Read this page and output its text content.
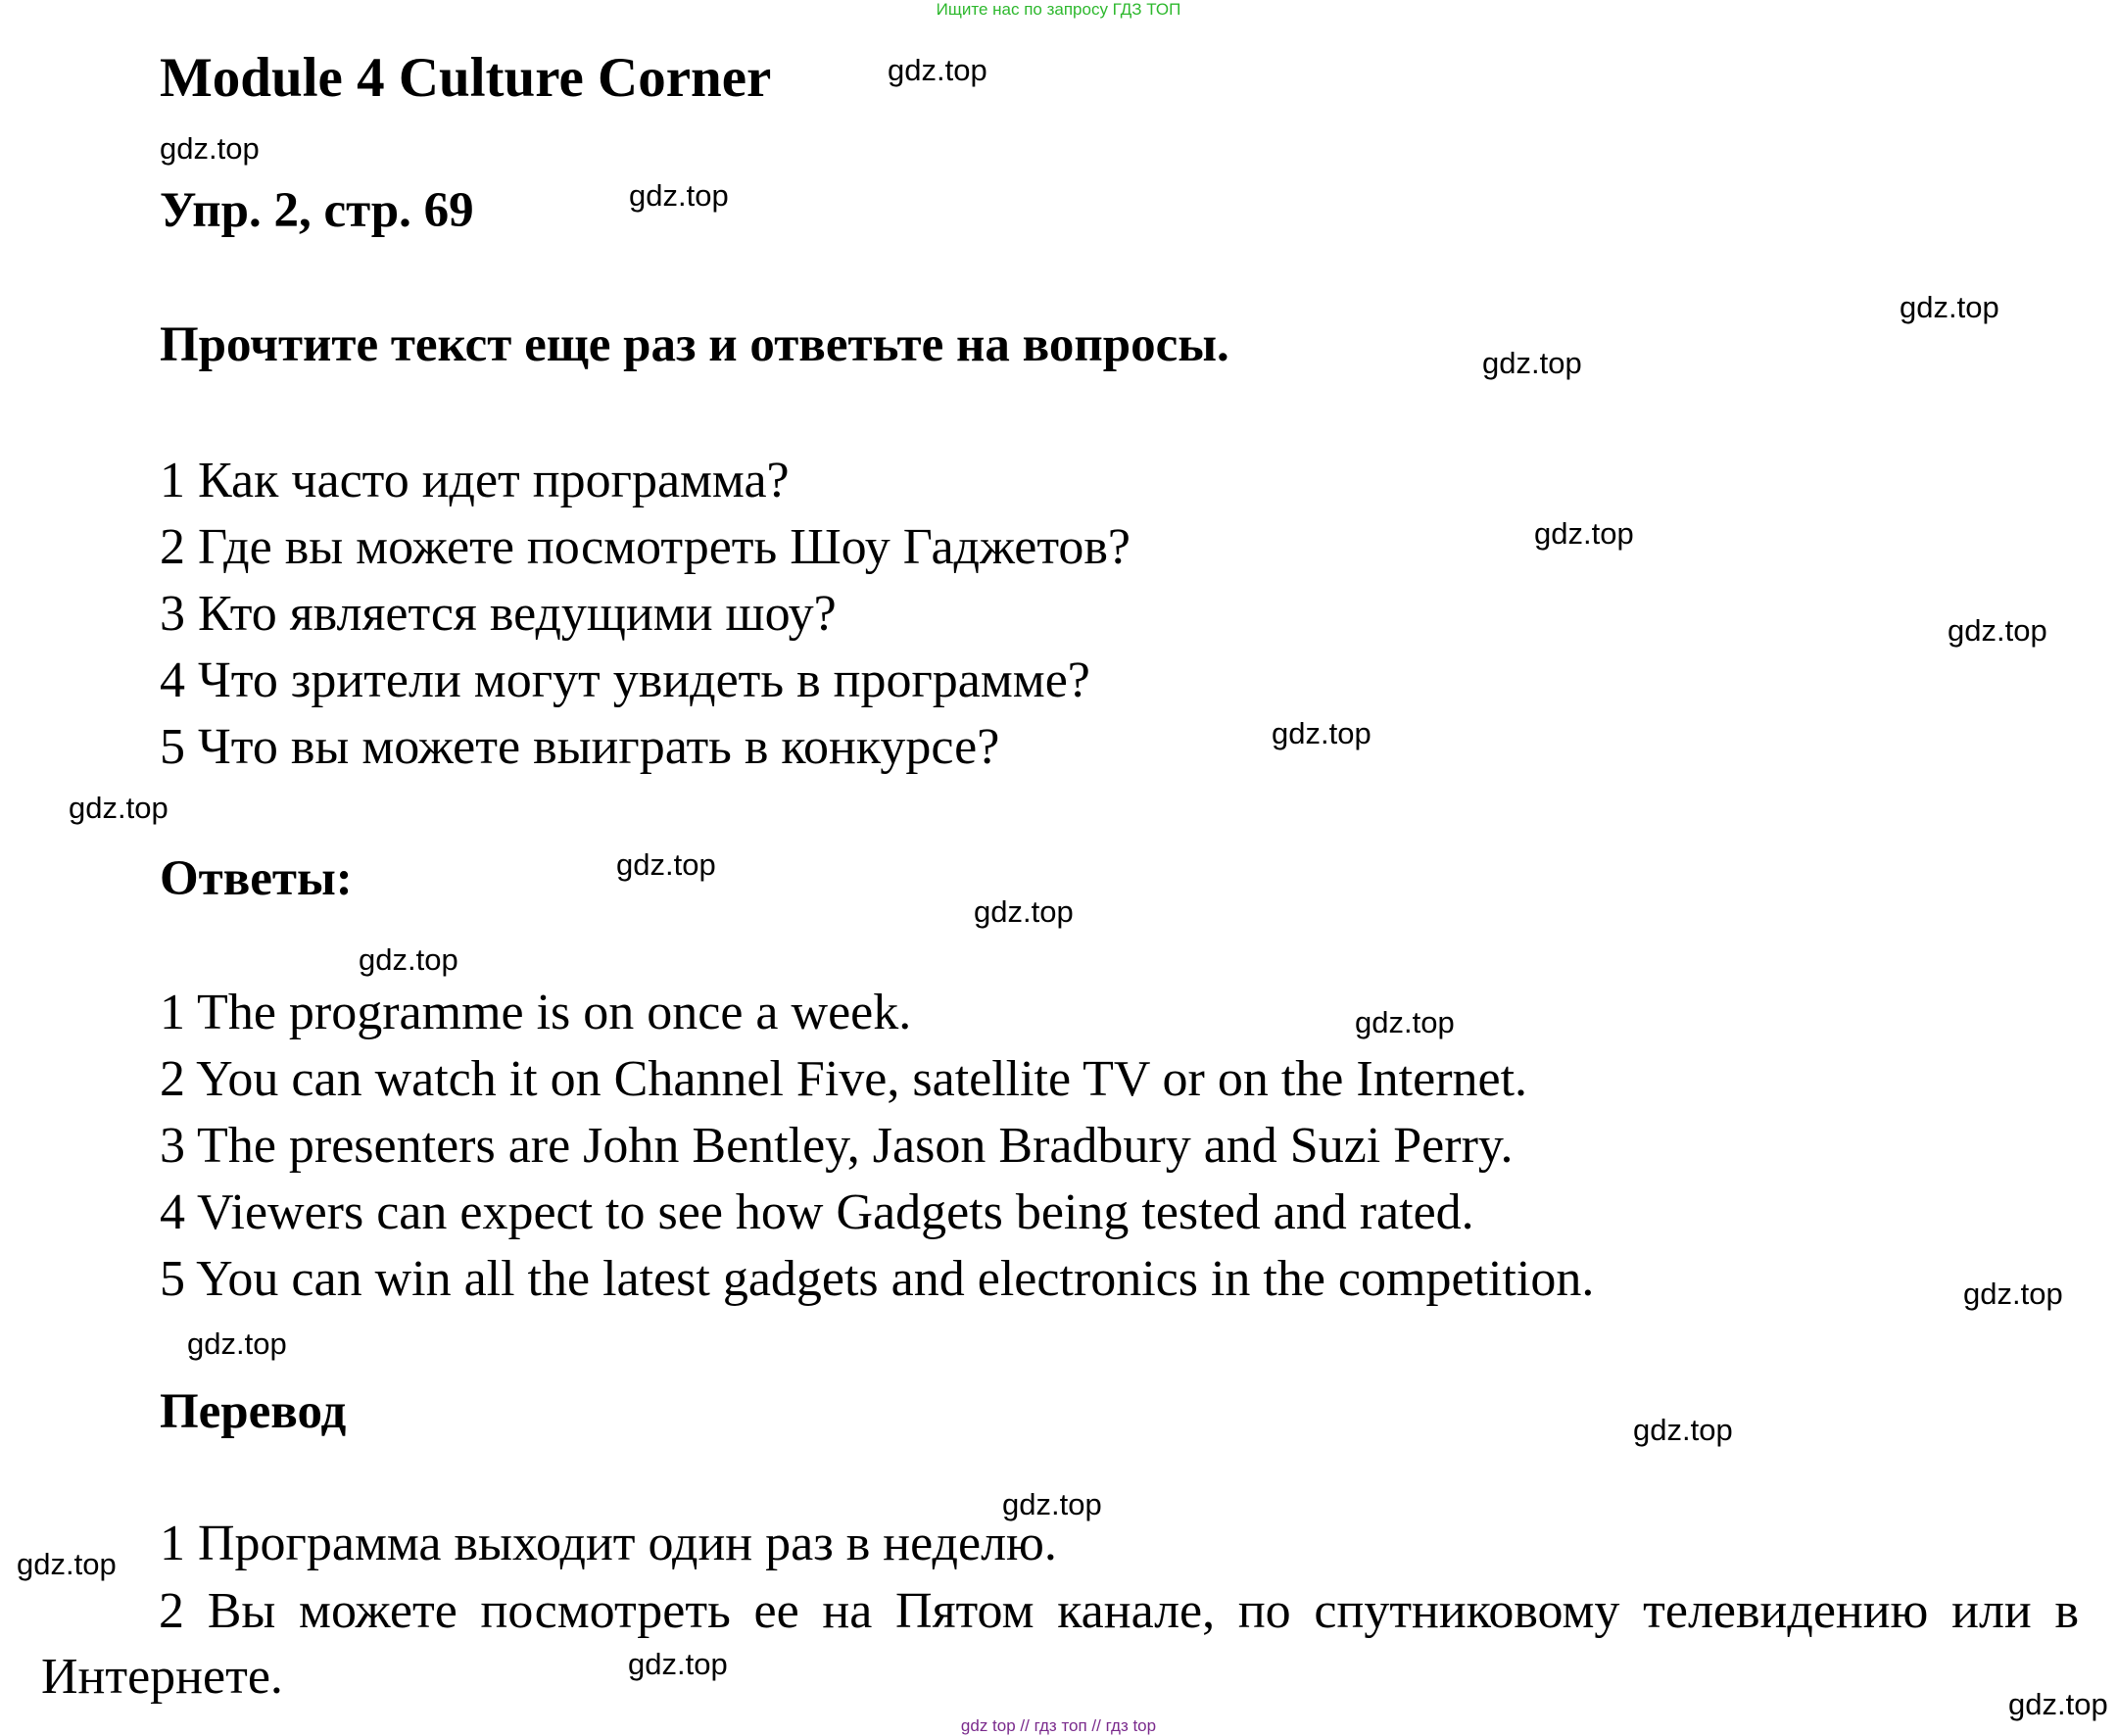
Ищите нас по запросу ГДЗ ТОП
Module 4 Culture Corner
Упр. 2, стр. 69
Прочтите текст еще раз и ответьте на вопросы.
1 Как часто идет программа?
2 Где вы можете посмотреть Шоу Гаджетов?
3 Кто является ведущими шоу?
4 Что зрители могут увидеть в программе?
5 Что вы можете выиграть в конкурсе?
Ответы:
1 The programme is on once a week.
2 You can watch it on Channel Five, satellite TV or on the Internet.
3 The presenters are John Bentley, Jason Bradbury and Suzi Perry.
4 Viewers can expect to see how Gadgets being tested and rated.
5 You can win all the latest gadgets and electronics in the competition.
Перевод
1 Программа выходит один раз в неделю.
2 Вы можете посмотреть ее на Пятом канале, по спутниковому телевидению или в Интернете.
gdz.top
gdz.top
gdz.top
gdz.top
gdz.top
gdz.top
gdz.top
gdz.top
gdz.top
gdz.top
gdz.top
gdz.top
gdz.top
gdz.top
gdz.top
gdz.top
gdz.top
gdz.top
gdz.top
gdz.top
gdz top // гдз топ // гдз top
